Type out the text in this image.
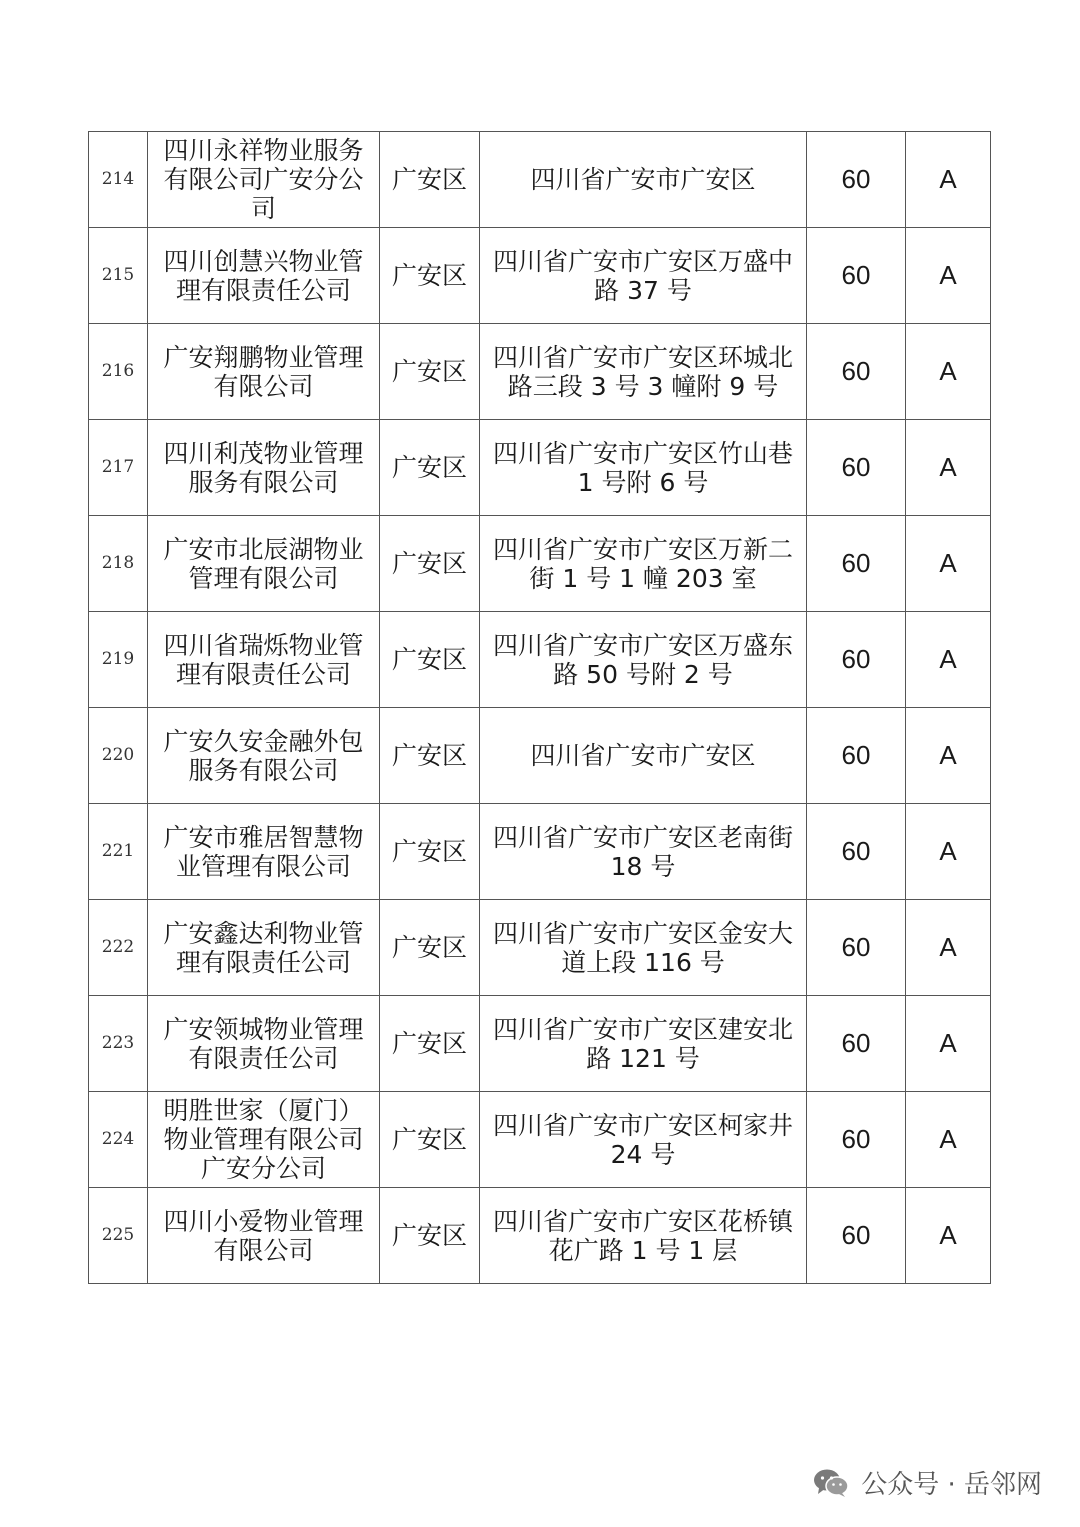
214	四川永祥物业服务有限公司广安分公司	广安区	四川省广安市广安区	60	A
215	四川创慧兴物业管理有限责任公司	广安区	四川省广安市广安区万盛中路 37 号	60	A
216	广安翔鹏物业管理有限公司	广安区	四川省广安市广安区环城北路三段 3 号 3 幢附 9 号	60	A
217	四川利茂物业管理服务有限公司	广安区	四川省广安市广安区竹山巷 1 号附 6 号	60	A
218	广安市北辰湖物业管理有限公司	广安区	四川省广安市广安区万新二街 1 号 1 幢 203 室	60	A
219	四川省瑞烁物业管理有限责任公司	广安区	四川省广安市广安区万盛东路 50 号附 2 号	60	A
220	广安久安金融外包服务有限公司	广安区	四川省广安市广安区	60	A
221	广安市雅居智慧物业管理有限公司	广安区	四川省广安市广安区老南街 18 号	60	A
222	广安鑫达利物业管理有限责任公司	广安区	四川省广安市广安区金安大道上段 116 号	60	A
223	广安领城物业管理有限责任公司	广安区	四川省广安市广安区建安北路 121 号	60	A
224	明胜世家（厦门）物业管理有限公司广安分公司	广安区	四川省广安市广安区柯家井 24 号	60	A
225	四川小爱物业管理有限公司	广安区	四川省广安市广安区花桥镇花广路 1 号 1 层	60	A
公众号 · 岳邻网
